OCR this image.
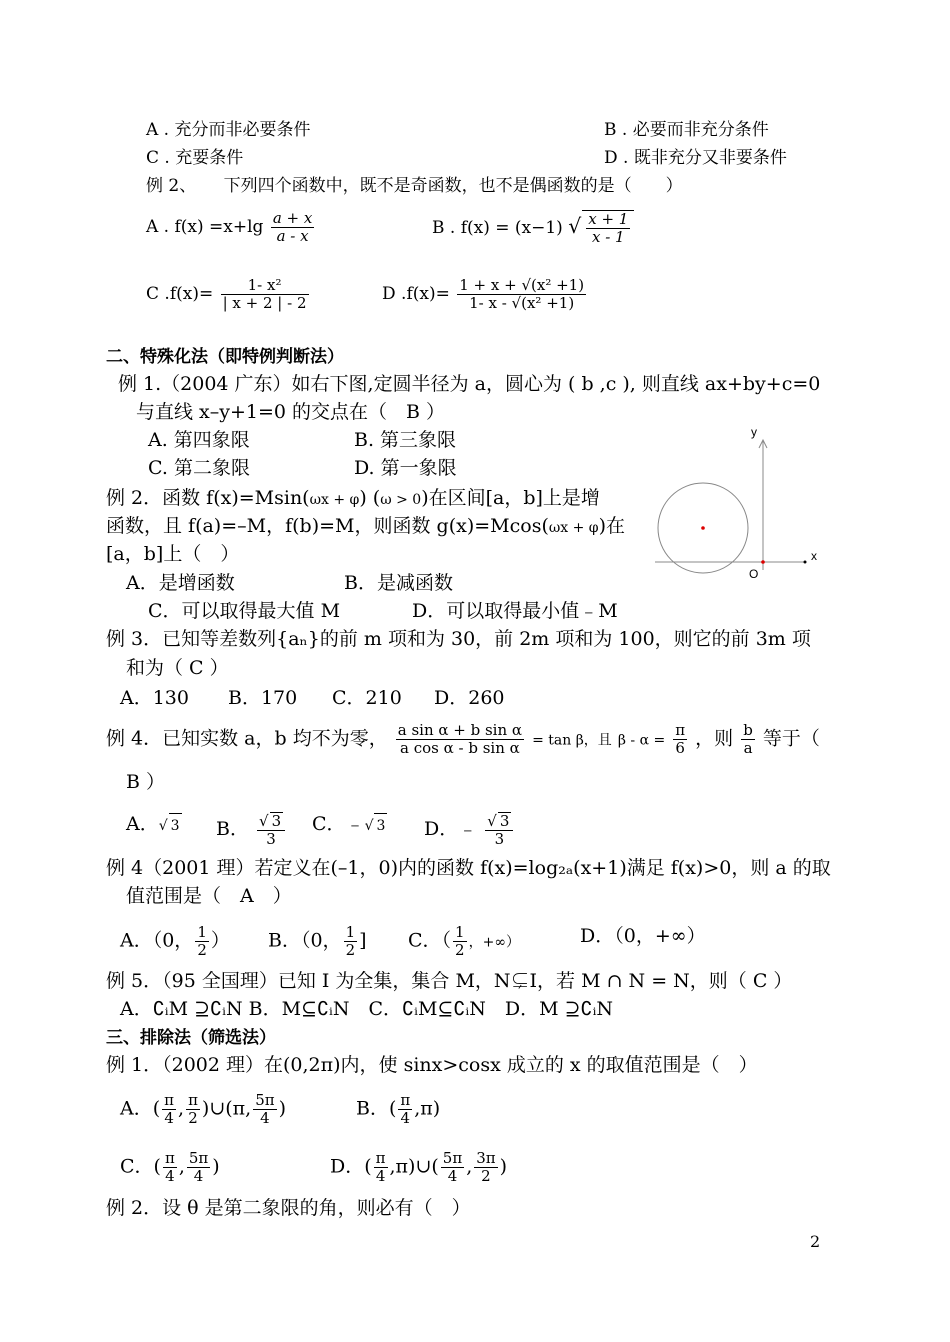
A . 充分而非必要条件	B . 必要而非充分条件
C . 充要条件	D . 既非充分又非要条件
例 2、 下列四个函数中，既不是奇函数，也不是偶函数的是（　　）
A . $f(x) =x+\lg \frac{a + x}{a - x}$	B . f(x) = (x−1) √ $\frac{x + 1}{x - 1}$
C $.f(x)= \frac{\text{1- x²}}{| x + 2 | - 2}$	D $.f(x)= \frac{\text{1 + x + √(x² +1)}}{\text{1- x - √(x² +1)}}$
二、特殊化法（即特例判断法）
例 1.（2004 广东）如右下图,定圆半径为 a，圆心为 ( b ,c ), 则直线 ax+by+c=0
与直线 x–y+1=0 的交点在（　B ）
A. 第四象限	B. 第三象限
C. 第二象限	D. 第一象限
y
x
O
例 2．函数 f(x)=Msin(ωx + φ) (ω > 0)在区间[a，b]上是增
函数，且 f(a)=–M，f(b)=M，则函数 g(x)=Mcos(ωx + φ)在
[a，b]上（　）
A．是增函数	B．是减函数
C．可以取得最大值 M	D．可以取得最小值﹣M
例 3．已知等差数列{aₙ}的前 m 项和为 30，前 2m 项和为 100，则它的前 3m 项
和为（ C ）
A．130 B．170 C．210 D．260
例 4．已知实数 a，b 均不为零， $\frac{\text{a sin α + b sin α}}{\text{a cos α - b sin α}} = \tan \beta$，且 $\beta - \alpha = \frac{\pi}{6}$ ，则 $\frac{b}{a}$ 等于（
B ）
A．√ 3 B． $\frac{√ 3}{3}$ C．﹣√ 3 D．﹣ $\frac{√ 3}{3}$
例 4（2001 理）若定义在(–1，0)内的函数 f(x)=log₂ₐ(x+1)满足 f(x)>0，则 a 的取
值范围是（　A　）
A．（0， $\frac{1}{2}$ ） B．（0， $\frac{1}{2}$ ] C．（ $\frac{1}{2}$ ，+∞）	D．（0，+∞）
例 5．（95 全国理）已知 I 为全集，集合 M，N⊊I，若 M ∩ N = N，则（ C ）
A．∁ᵢM ⊇∁ᵢN B．M⊆∁ᵢN　C．∁ᵢM⊆∁ᵢN　D．M ⊇∁ᵢN
三、排除法（筛选法）
例 1．（2002 理）在(0,2π)内，使 sinx>cosx 成立的 x 的取值范围是（　）
A．( $\frac{\pi}{4}$ , $\frac{\pi}{2}$ )∪(π, $\frac{5\pi}{4}$ )	B．( $\frac{\pi}{4} ,\pi$)
C．( $\frac{\pi}{4}$ , $\frac{5\pi}{4}$ )	D．( $\frac{\pi}{4}$ ,π)∪( $\frac{5\pi}{4}$ , $\frac{3\pi}{2}$ )
例 2．设 θ 是第二象限的角，则必有（　）
2
